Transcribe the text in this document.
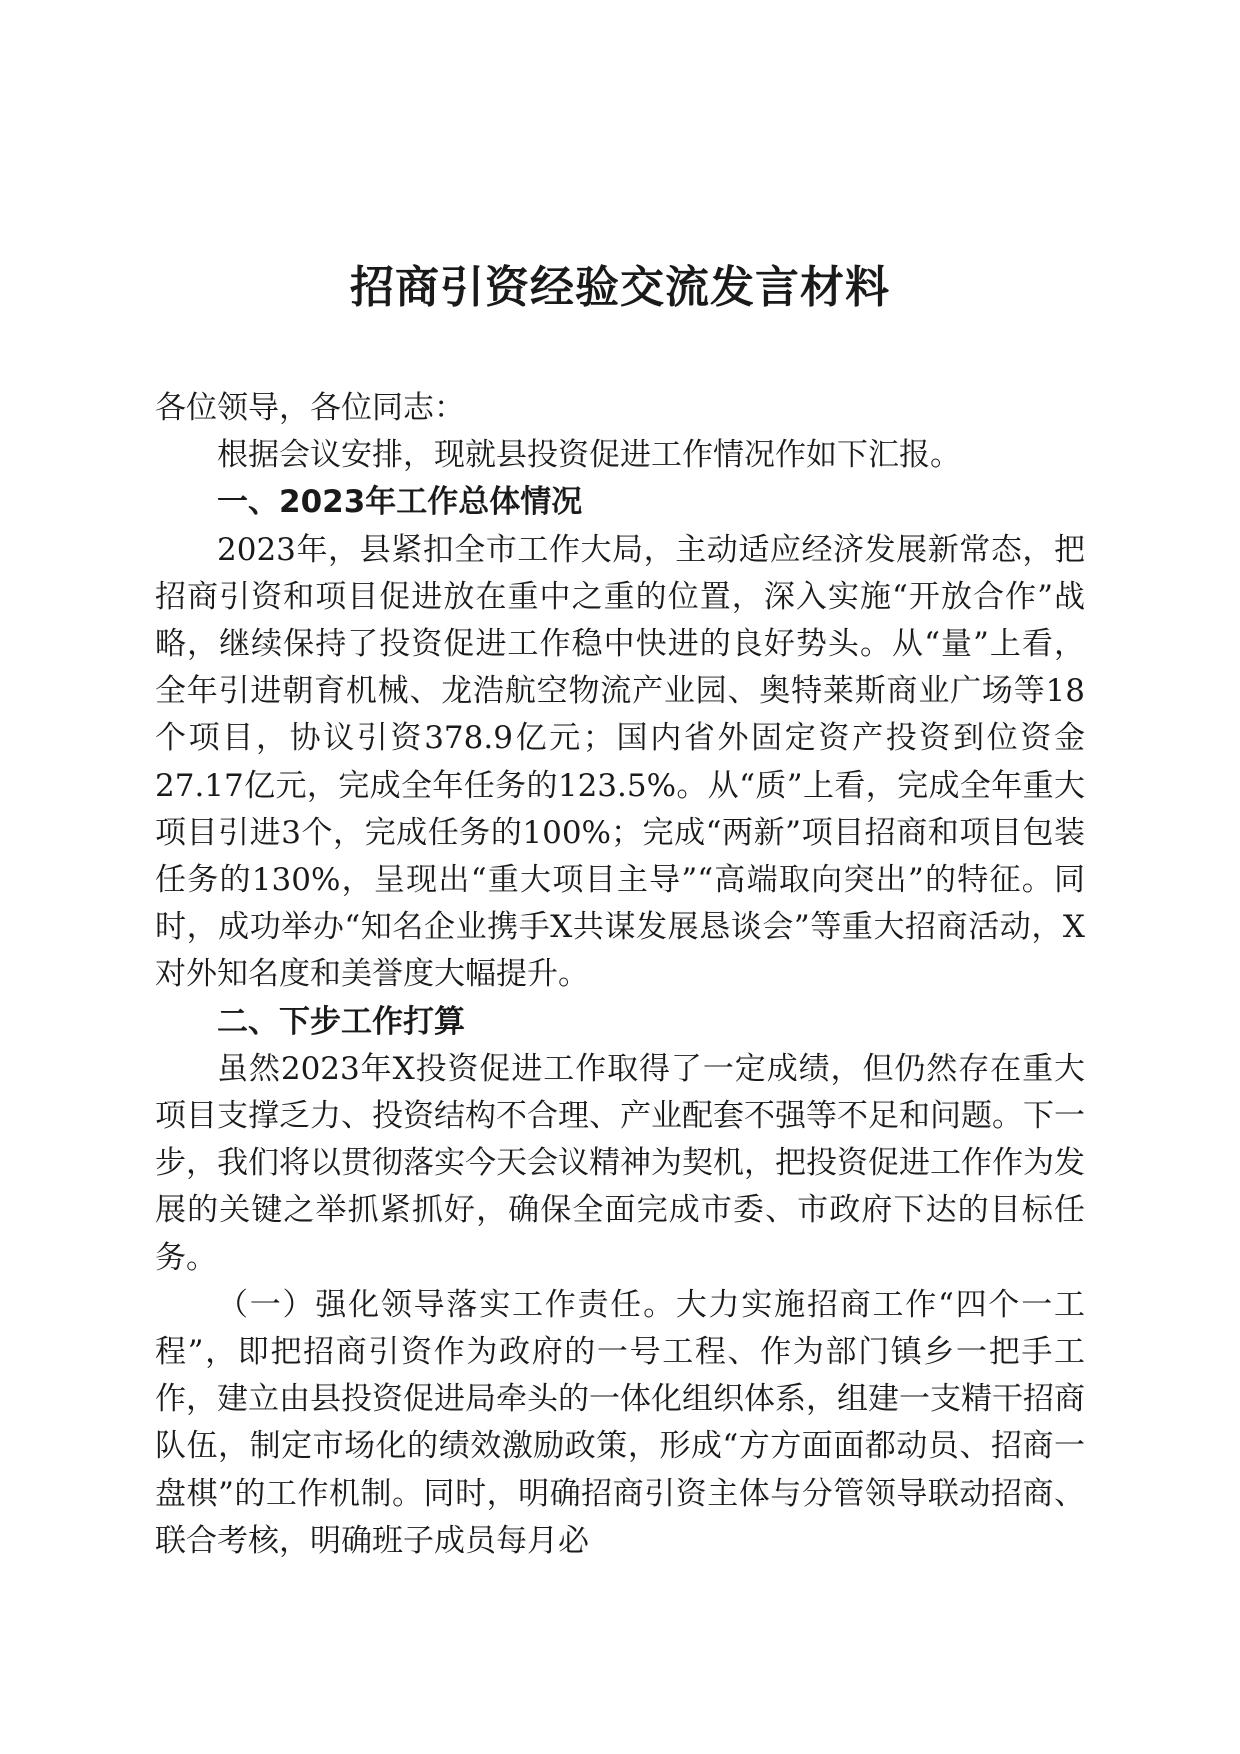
招商引资经验交流发言材料

各位领导，各位同志：

根据会议安排，现就县投资促进工作情况作如下汇报。

一、2023年工作总体情况

2023年，县紧扣全市工作大局，主动适应经济发展新常态，把招商引资和项目促进放在重中之重的位置，深入实施“开放合作”战略，继续保持了投资促进工作稳中快进的良好势头。从“量”上看，全年引进朝育机械、龙浩航空物流产业园、奥特莱斯商业广场等18个项目，协议引资378.9亿元；国内省外固定资产投资到位资金27.17亿元，完成全年任务的123.5%。从“质”上看，完成全年重大项目引进3个，完成任务的100%；完成“两新”项目招商和项目包装任务的130%，呈现出“重大项目主导”“高端取向突出”的特征。同时，成功举办“知名企业携手X共谋发展恳谈会”等重大招商活动，X对外知名度和美誉度大幅提升。

二、下步工作打算

虽然2023年X投资促进工作取得了一定成绩，但仍然存在重大项目支撑乏力、投资结构不合理、产业配套不强等不足和问题。下一步，我们将以贯彻落实今天会议精神为契机，把投资促进工作作为发展的关键之举抓紧抓好，确保全面完成市委、市政府下达的目标任务。

（一）强化领导落实工作责任。大力实施招商工作“四个一工程”，即把招商引资作为政府的一号工程、作为部门镇乡一把手工作，建立由县投资促进局牵头的一体化组织体系，组建一支精干招商队伍，制定市场化的绩效激励政策，形成“方方面面都动员、招商一盘棋”的工作机制。同时，明确招商引资主体与分管领导联动招商、联合考核，明确班子成员每月必
